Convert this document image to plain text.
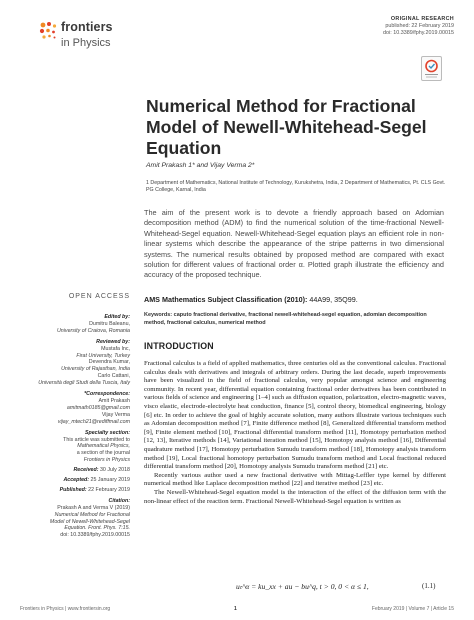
frontiers
in Physics
ORIGINAL RESEARCH
published: 22 February 2019
doi: 10.3389/fphy.2019.00015
Numerical Method for Fractional Model of Newell-Whitehead-Segel Equation
Amit Prakash 1* and Vijay Verma 2*
1 Department of Mathematics, National Institute of Technology, Kurukshetra, India, 2 Department of Mathematics, Pt. CLS Govt. PG College, Karnal, India
The aim of the present work is to devote a friendly approach based on Adomian decomposition method (ADM) to find the numerical solution of the time-fractional Newell-Whitehead-Segel equation. Newell-Whitehead-Segel equation plays an efficient role in non-linear systems which describe the appearance of the stripe patterns in two dimensional systems. The numerical results obtained by proposed method are compared with exact solution for different values of fractional order α. Plotted graph illustrate the efficiency and accuracy of the proposed technique.
OPEN ACCESS
Edited by:
Dumitru Baleanu,
University of Craiova, Romania
Reviewed by:
Mustafa Inc,
Firat University, Turkey
Devendra Kumar,
University of Rajasthan, India
Carlo Cattani,
Università degli Studi della Tuscia, Italy
*Correspondence:
Amit Prakash
amitmath0185@gmail.com
Vijay Verma
vijay_mtech21@rediffmail.com
Specialty section:
This article was submitted to
Mathematical Physics,
a section of the journal
Frontiers in Physics
Received: 30 July 2018
Accepted: 25 January 2019
Published: 22 February 2019
Citation:
Prakash A and Verma V (2019)
Numerical Method for Fractional
Model of Newell-Whitehead-Segel
Equation. Front. Phys. 7:15.
doi: 10.3389/fphy.2019.00015
AMS Mathematics Subject Classification (2010): 44A99, 35Q99.
Keywords: caputo fractional derivative, fractional newell-whitehead-segel equation, adomian decomposition method, fractional calculus, numerical method
INTRODUCTION

Fractional calculus is a field of applied mathematics, three centuries old as the conventional calculus. Fractional calculus deals with derivatives and integrals of arbitrary orders. During the last decade, superb improvements have been visualized in the field of fractional calculus, very popular amongst science and engineering community. In recent year, differential equation containing fractional order derivatives has been contributed in various fields of science and engineering [1–4] such as diffusion equation, polarization, electro-magnetic waves, visco elastic, electrode-electrolyte heat conduction, finance [5], control theory, biomedical engineering, biology [6] etc. In order to achieve the goal of highly accurate solution, many authors illustrate various techniques such as Adomian decomposition method [7], Finite difference method [8], Generalized differential transform method [9], Finite element method [10], Fractional differential transform method [11], Homotopy perturbation method [12, 13], Iterative methods [14], Variational iteration method [15], Homotopy analysis method [16], Differential quadrature method [17], Homotopy perturbation Sumudu transform method [18], Homotopy analysis transform method [19], Local fractional homotopy perturbation Sumudu transform method and Local fractional reduced differential transform method [20], Homotopy analysis Sumudu transform method [21] etc.

Recently various author used a new fractional derivative with Mittag-Leffler type kernel by different numerical method like Laplace decomposition method [22] and iterative method [23] etc.

The Newell-Whitehead-Segel equation model is the interaction of the effect of the diffusion term with the non-linear effect of the reaction term. Fractional Newell-Whitehead-Segel equation is written as

uₜ^α = ku_xx + au − bu^q, t > 0, 0 < α ≤ 1,	(1.1)
Frontiers in Physics | www.frontiersin.org	1	February 2019 | Volume 7 | Article 15
